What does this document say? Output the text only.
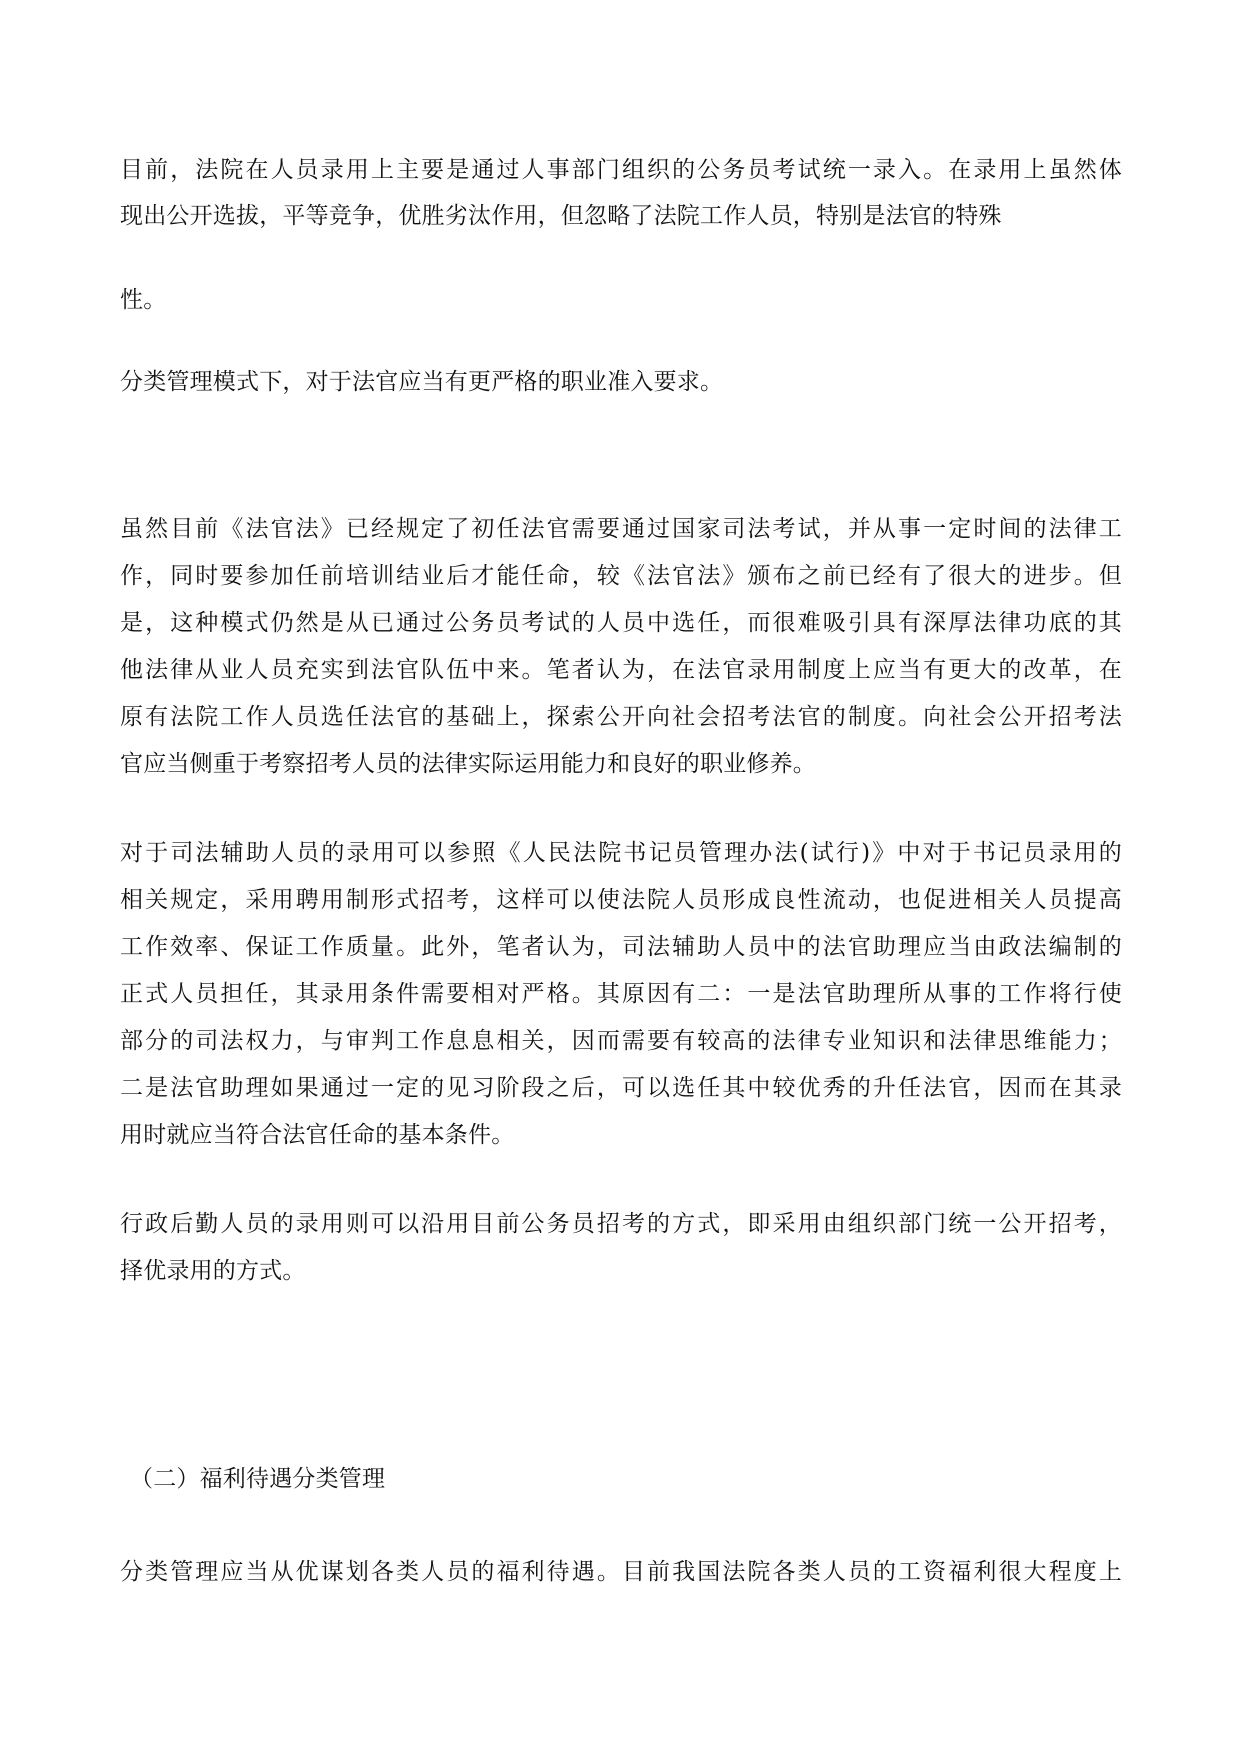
目前，法院在人员录用上主要是通过人事部门组织的公务员考试统一录入。在录用上虽然体

现出公开选拔，平等竞争，优胜劣汰作用，但忽略了法院工作人员，特别是法官的特殊

性。

分类管理模式下，对于法官应当有更严格的职业准入要求。

虽然目前《法官法》已经规定了初任法官需要通过国家司法考试，并从事一定时间的法律工

作，同时要参加任前培训结业后才能任命，较《法官法》颁布之前已经有了很大的进步。但

是，这种模式仍然是从已通过公务员考试的人员中选任，而很难吸引具有深厚法律功底的其

他法律从业人员充实到法官队伍中来。笔者认为，在法官录用制度上应当有更大的改革，在

原有法院工作人员选任法官的基础上，探索公开向社会招考法官的制度。向社会公开招考法

官应当侧重于考察招考人员的法律实际运用能力和良好的职业修养。

对于司法辅助人员的录用可以参照《人民法院书记员管理办法(试行)》中对于书记员录用的

相关规定，采用聘用制形式招考，这样可以使法院人员形成良性流动，也促进相关人员提高

工作效率、保证工作质量。此外，笔者认为，司法辅助人员中的法官助理应当由政法编制的

正式人员担任，其录用条件需要相对严格。其原因有二：一是法官助理所从事的工作将行使

部分的司法权力，与审判工作息息相关，因而需要有较高的法律专业知识和法律思维能力；

二是法官助理如果通过一定的见习阶段之后，可以选任其中较优秀的升任法官，因而在其录

用时就应当符合法官任命的基本条件。

行政后勤人员的录用则可以沿用目前公务员招考的方式，即采用由组织部门统一公开招考，

择优录用的方式。

（二）福利待遇分类管理

分类管理应当从优谋划各类人员的福利待遇。目前我国法院各类人员的工资福利很大程度上
